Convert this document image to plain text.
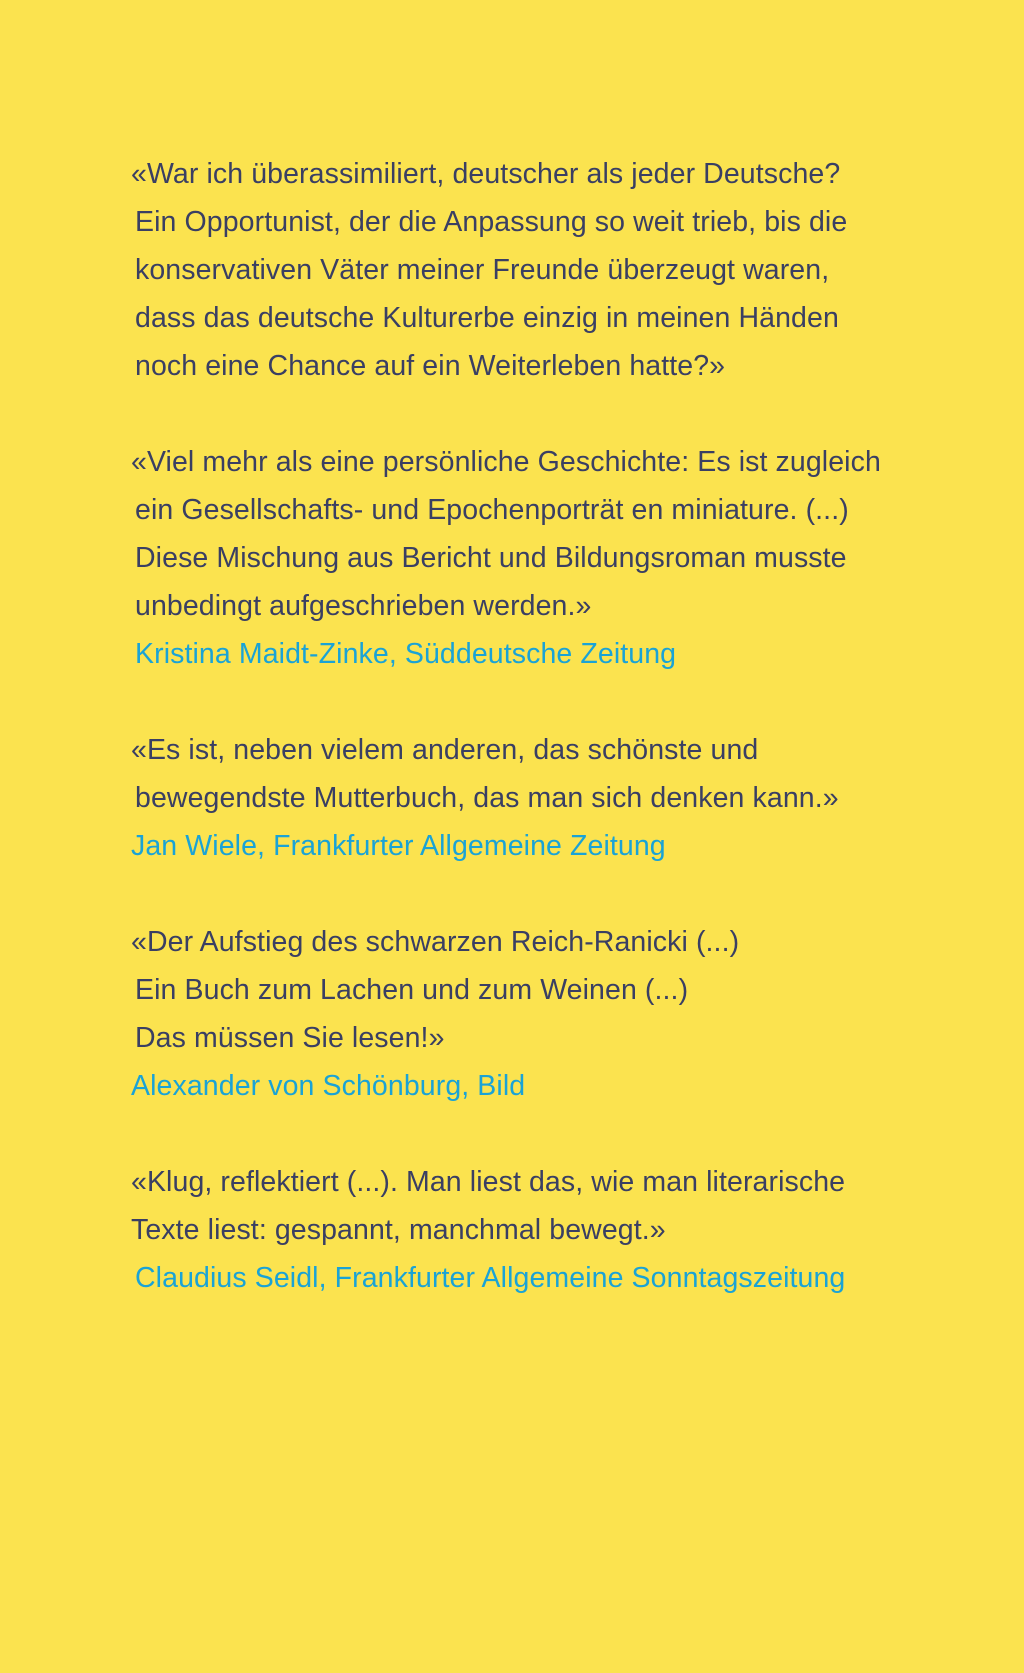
«War ich überassimiliert, deutscher als jeder Deutsche?
Ein Opportunist, der die Anpassung so weit trieb, bis die
konservativen Väter meiner Freunde überzeugt waren,
dass das deutsche Kulturerbe einzig in meinen Händen
noch eine Chance auf ein Weiterleben hatte?»
«Viel mehr als eine persönliche Geschichte: Es ist zugleich
ein Gesellschafts- und Epochenporträt en miniature. (...)
Diese Mischung aus Bericht und Bildungsroman musste
unbedingt aufgeschrieben werden.»
Kristina Maidt-Zinke, Süddeutsche Zeitung
«Es ist, neben vielem anderen, das schönste und
bewegendste Mutterbuch, das man sich denken kann.»
Jan Wiele, Frankfurter Allgemeine Zeitung
«Der Aufstieg des schwarzen Reich-Ranicki (...)
Ein Buch zum Lachen und zum Weinen (...)
Das müssen Sie lesen!»
Alexander von Schönburg, Bild
«Klug, reflektiert (...). Man liest das, wie man literarische
Texte liest: gespannt, manchmal bewegt.»
Claudius Seidl, Frankfurter Allgemeine Sonntagszeitung
